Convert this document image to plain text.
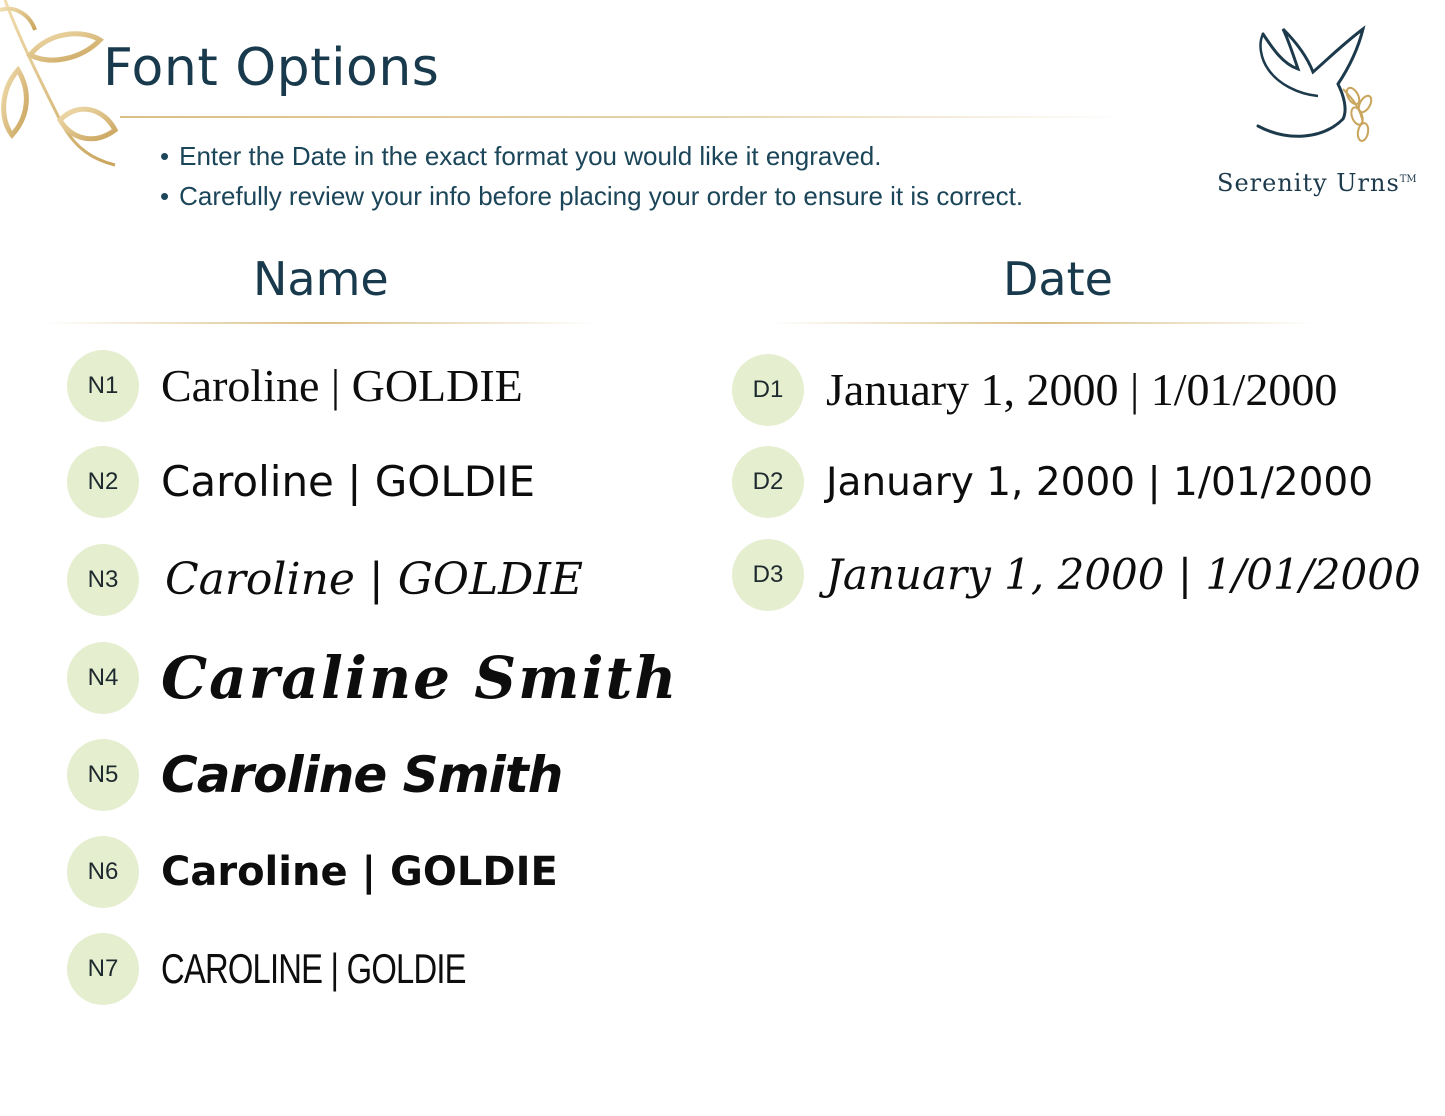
Font Options
• Enter the Date in the exact format you would like it engraved.
• Carefully review your info before placing your order to ensure it is correct.	Serenity Urns™
Name	Date
N1 Caroline | GOLDIE
N2	Caroline | GOLDIE
N3	Caroline | GOLDIE
N4 Caraline Smith
N5 Caroline Smith
N6	Caroline | GOLDIE
N7	CAROLINE | GOLDIE
D1 January 1, 2000 | 1/01/2000
D2	January 1, 2000 | 1/01/2000
D3	January 1, 2000 | 1/01/2000
